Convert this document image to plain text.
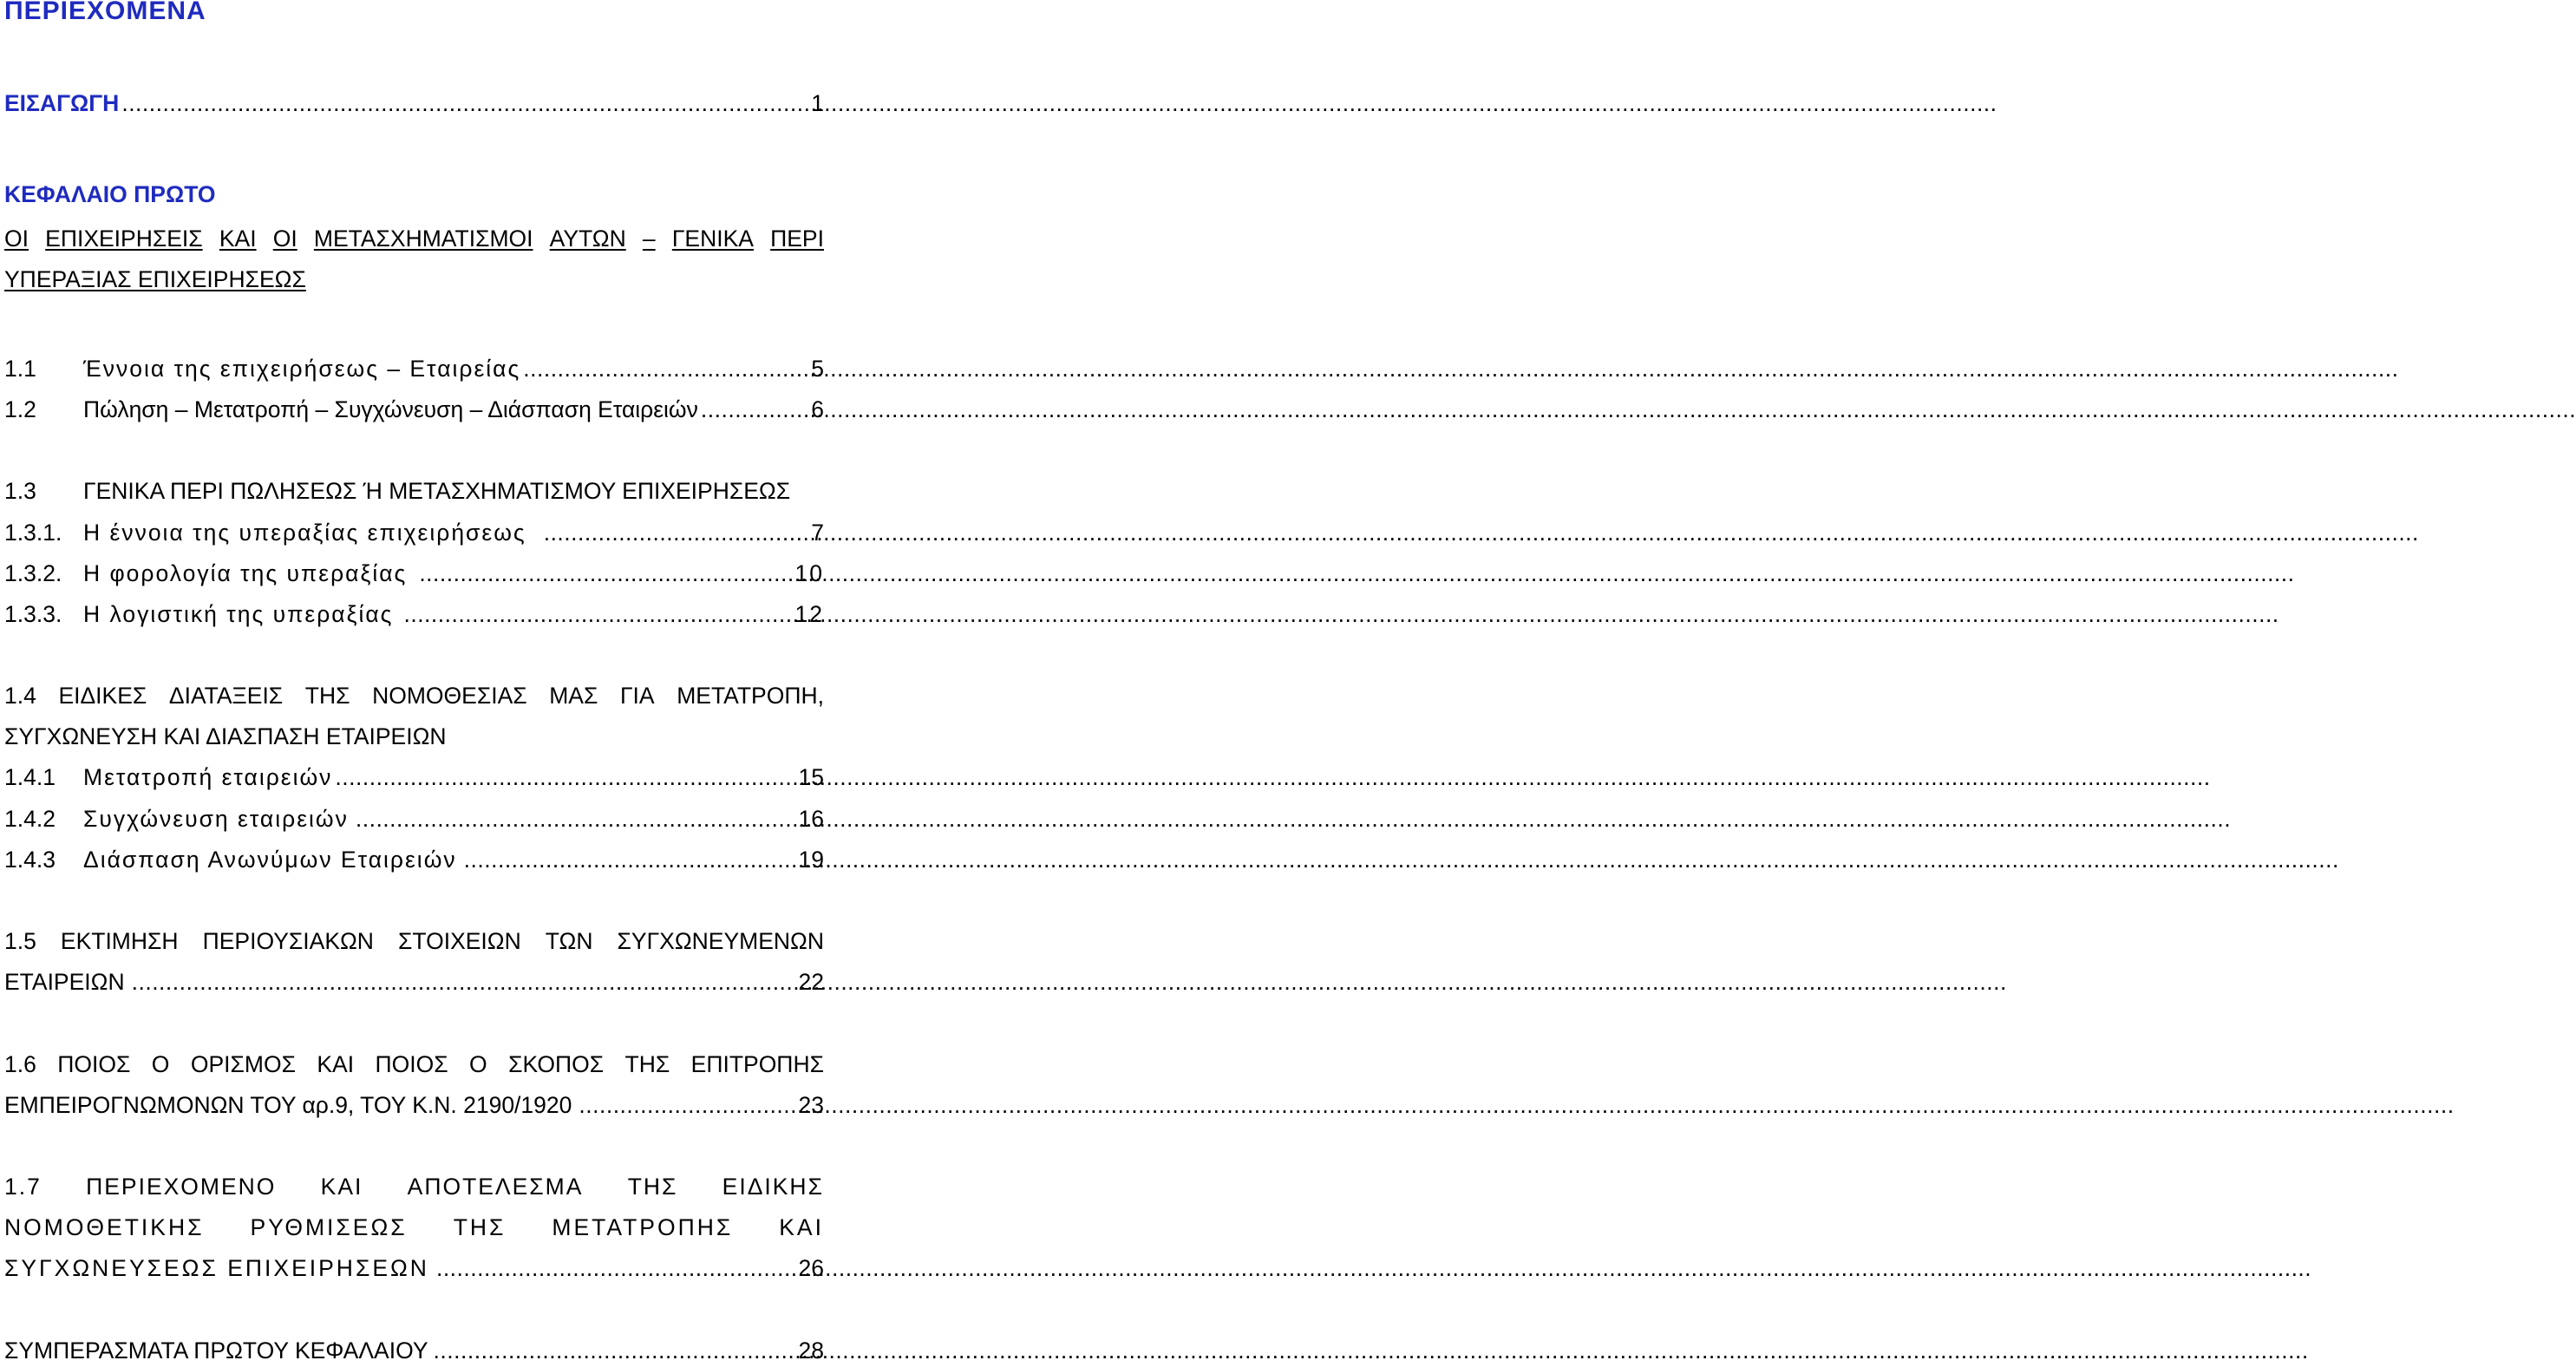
ΠΕΡΙΕΧΟΜΕΝΑ
ΕΙΣΑΓΩΓΗ .....	1
ΚΕΦΑΛΑΙΟ ΠΡΩΤΟ
ΟΙ ΕΠΙΧΕΙΡΗΣΕΙΣ ΚΑΙ ΟΙ ΜΕΤΑΣΧΗΜΑΤΙΣΜΟΙ ΑΥΤΩΝ – ΓΕΝΙΚΑ ΠΕΡΙ
ΥΠΕΡΑΞΙΑΣ ΕΠΙΧΕΙΡΗΣΕΩΣ
1.1	Έννοια της επιχειρήσεως – Εταιρείας .....	5
1.2	Πώληση – Μετατροπή – Συγχώνευση – Διάσπαση Εταιρειών .....	6
1.3	ΓΕΝΙΚΑ ΠΕΡΙ ΠΩΛΗΣΕΩΣ Ή ΜΕΤΑΣΧΗΜΑΤΙΣΜΟΥ ΕΠΙΧΕΙΡΗΣΕΩΣ
1.3.1. Η έννοια της υπεραξίας επιχειρήσεως .....	7
1.3.2. Η φορολογία της υπεραξίας .....	10
1.3.3. Η λογιστική της υπεραξίας .....	12
1.4 ΕΙΔΙΚΕΣ ΔΙΑΤΑΞΕΙΣ ΤΗΣ ΝΟΜΟΘΕΣΙΑΣ ΜΑΣ ΓΙΑ ΜΕΤΑΤΡΟΠΗ,
ΣΥΓΧΩΝΕΥΣΗ ΚΑΙ ΔΙΑΣΠΑΣΗ ΕΤΑΙΡΕΙΩΝ
1.4.1	Μετατροπή εταιρειών .....	15
1.4.2	Συγχώνευση εταιρειών .....	16
1.4.3	Διάσπαση Ανωνύμων Εταιρειών .....	19
1.5 ΕΚΤΙΜΗΣΗ ΠΕΡΙΟΥΣΙΑΚΩΝ ΣΤΟΙΧΕΙΩΝ ΤΩΝ ΣΥΓΧΩΝΕΥΜΕΝΩΝ
ΕΤΑΙΡΕΙΩΝ .....	22
1.6 ΠΟΙΟΣ Ο ΟΡΙΣΜΟΣ ΚΑΙ ΠΟΙΟΣ Ο ΣΚΟΠΟΣ ΤΗΣ ΕΠΙΤΡΟΠΗΣ
ΕΜΠΕΙΡΟΓΝΩΜΟΝΩΝ ΤΟΥ αρ.9, ΤΟΥ Κ.Ν. 2190/1920 .....	23
1.7 ΠΕΡΙΕΧΟΜΕΝΟ ΚΑΙ ΑΠΟΤΕΛΕΣΜΑ ΤΗΣ ΕΙΔΙΚΗΣ
ΝΟΜΟΘΕΤΙΚΗΣ ΡΥΘΜΙΣΕΩΣ ΤΗΣ ΜΕΤΑΤΡΟΠΗΣ ΚΑΙ
ΣΥΓΧΩΝΕΥΣΕΩΣ ΕΠΙΧΕΙΡΗΣΕΩΝ .....	26
ΣΥΜΠΕΡΑΣΜΑΤΑ ΠΡΩΤΟΥ ΚΕΦΑΛΑΙΟΥ .....	28
